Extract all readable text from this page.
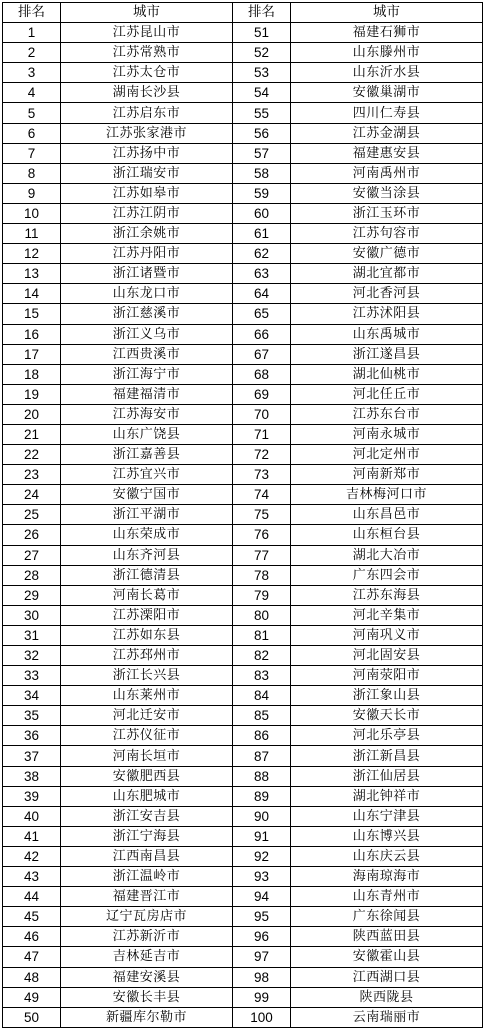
排名	城市	排名	城市
1	江苏昆山市	51	福建石狮市
2	江苏常熟市	52	山东滕州市
3	江苏太仓市	53	山东沂水县
4	湖南长沙县	54	安徽巢湖市
5	江苏启东市	55	四川仁寿县
6	江苏张家港市	56	江苏金湖县
7	江苏扬中市	57	福建惠安县
8	浙江瑞安市	58	河南禹州市
9	江苏如皋市	59	安徽当涂县
10	江苏江阴市	60	浙江玉环市
11	浙江余姚市	61	江苏句容市
12	江苏丹阳市	62	安徽广德市
13	浙江诸暨市	63	湖北宜都市
14	山东龙口市	64	河北香河县
15	浙江慈溪市	65	江苏沭阳县
16	浙江义乌市	66	山东禹城市
17	江西贵溪市	67	浙江遂昌县
18	浙江海宁市	68	湖北仙桃市
19	福建福清市	69	河北任丘市
20	江苏海安市	70	江苏东台市
21	山东广饶县	71	河南永城市
22	浙江嘉善县	72	河北定州市
23	江苏宜兴市	73	河南新郑市
24	安徽宁国市	74	吉林梅河口市
25	浙江平湖市	75	山东昌邑市
26	山东荣成市	76	山东桓台县
27	山东齐河县	77	湖北大冶市
28	浙江德清县	78	广东四会市
29	河南长葛市	79	江苏东海县
30	江苏溧阳市	80	河北辛集市
31	江苏如东县	81	河南巩义市
32	江苏邳州市	82	河北固安县
33	浙江长兴县	83	河南荥阳市
34	山东莱州市	84	浙江象山县
35	河北迁安市	85	安徽天长市
36	江苏仪征市	86	河北乐亭县
37	河南长垣市	87	浙江新昌县
38	安徽肥西县	88	浙江仙居县
39	山东肥城市	89	湖北钟祥市
40	浙江安吉县	90	山东宁津县
41	浙江宁海县	91	山东博兴县
42	江西南昌县	92	山东庆云县
43	浙江温岭市	93	海南琼海市
44	福建晋江市	94	山东青州市
45	辽宁瓦房店市	95	广东徐闻县
46	江苏新沂市	96	陕西蓝田县
47	吉林延吉市	97	安徽霍山县
48	福建安溪县	98	江西湖口县
49	安徽长丰县	99	陕西陇县
50	新疆库尔勒市	100	云南瑞丽市
